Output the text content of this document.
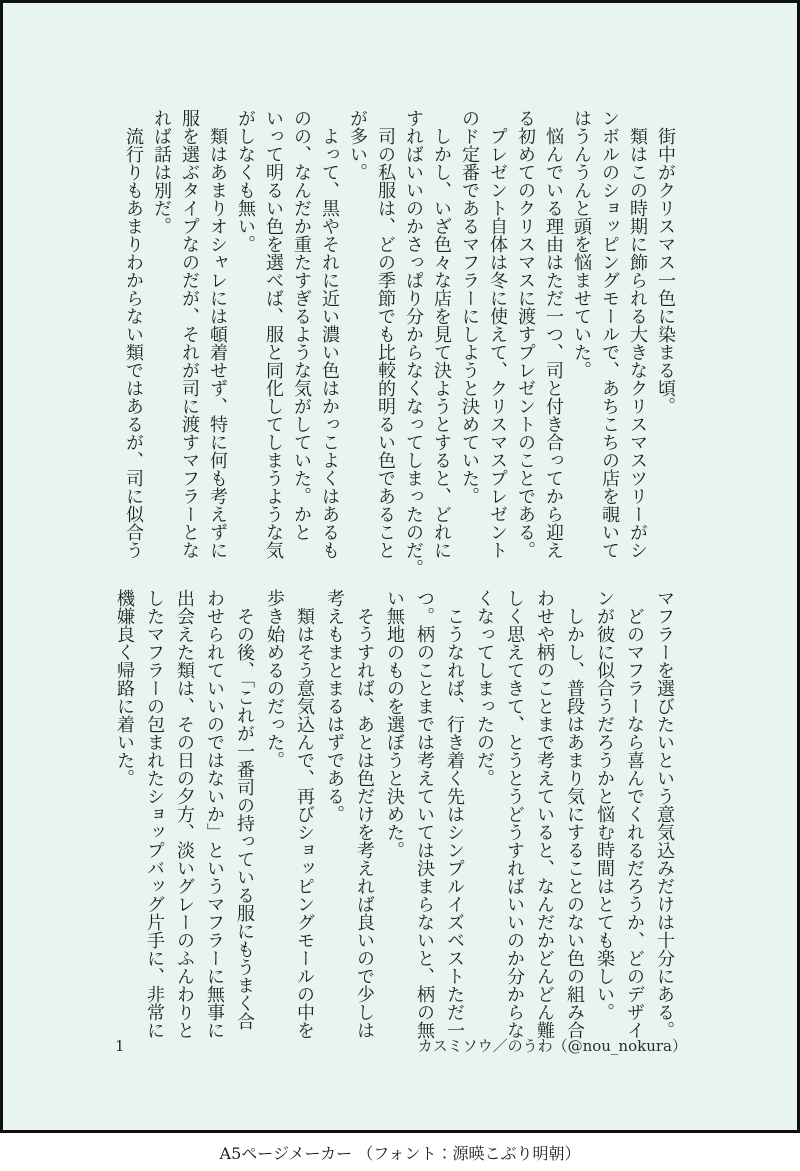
　街中がクリスマス一色に染まる頃。

　類はこの時期に飾られる大きなクリスマスツリーがシ

ンボルのショッピングモールで、あちこちの店を覗いて

はうんうんと頭を悩ませていた。

　悩んでいる理由はただ一つ、司と付き合ってから迎え

る初めてのクリスマスに渡すプレゼントのことである。

　プレゼント自体は冬に使えて、クリスマスプレゼント

のド定番であるマフラーにしようと決めていた。

　しかし、いざ色々な店を見て決ようとすると、どれに

すればいいのかさっぱり分からなくなってしまったのだ。

　司の私服は、どの季節でも比較的明るい色であること

が多い。

　よって、黒やそれに近い濃い色はかっこよくはあるも

のの、なんだか重たすぎるような気がしていた。かと

いって明るい色を選べば、服と同化してしまうような気

がしなくも無い。

　類はあまりオシャレには頓着せず、特に何も考えずに

服を選ぶタイプなのだが、それが司に渡すマフラーとな

れば話は別だ。

　流行りもあまりわからない類ではあるが、司に似合う

マフラーを選びたいという意気込みだけは十分にある。

　どのマフラーなら喜んでくれるだろうか、どのデザイ

ンが彼に似合うだろうかと悩む時間はとても楽しい。

　しかし、普段はあまり気にすることのない色の組み合

わせや柄のことまで考えていると、なんだかどんどん難

しく思えてきて、とうとうどうすればいいのか分からな

くなってしまったのだ。

　こうなれば、行き着く先はシンプルイズベストただ一

つ。柄のことまでは考えていては決まらないと、柄の無

い無地のものを選ぼうと決めた。

　そうすれば、あとは色だけを考えれば良いので少しは

考えもまとまるはずである。

　類はそう意気込んで、再びショッピングモールの中を

歩き始めるのだった。

　その後、「これが一番司の持っている服にもうまく合

わせられていいのではないか」というマフラーに無事に

出会えた類は、その日の夕方、淡いグレーのふんわりと

したマフラーの包まれたショップバッグ片手に、非常に

機嫌良く帰路に着いた。

1	カスミソウ／のうわ（@nou_nokura）
A5ページメーカー （フォント：源暎こぶり明朝）
